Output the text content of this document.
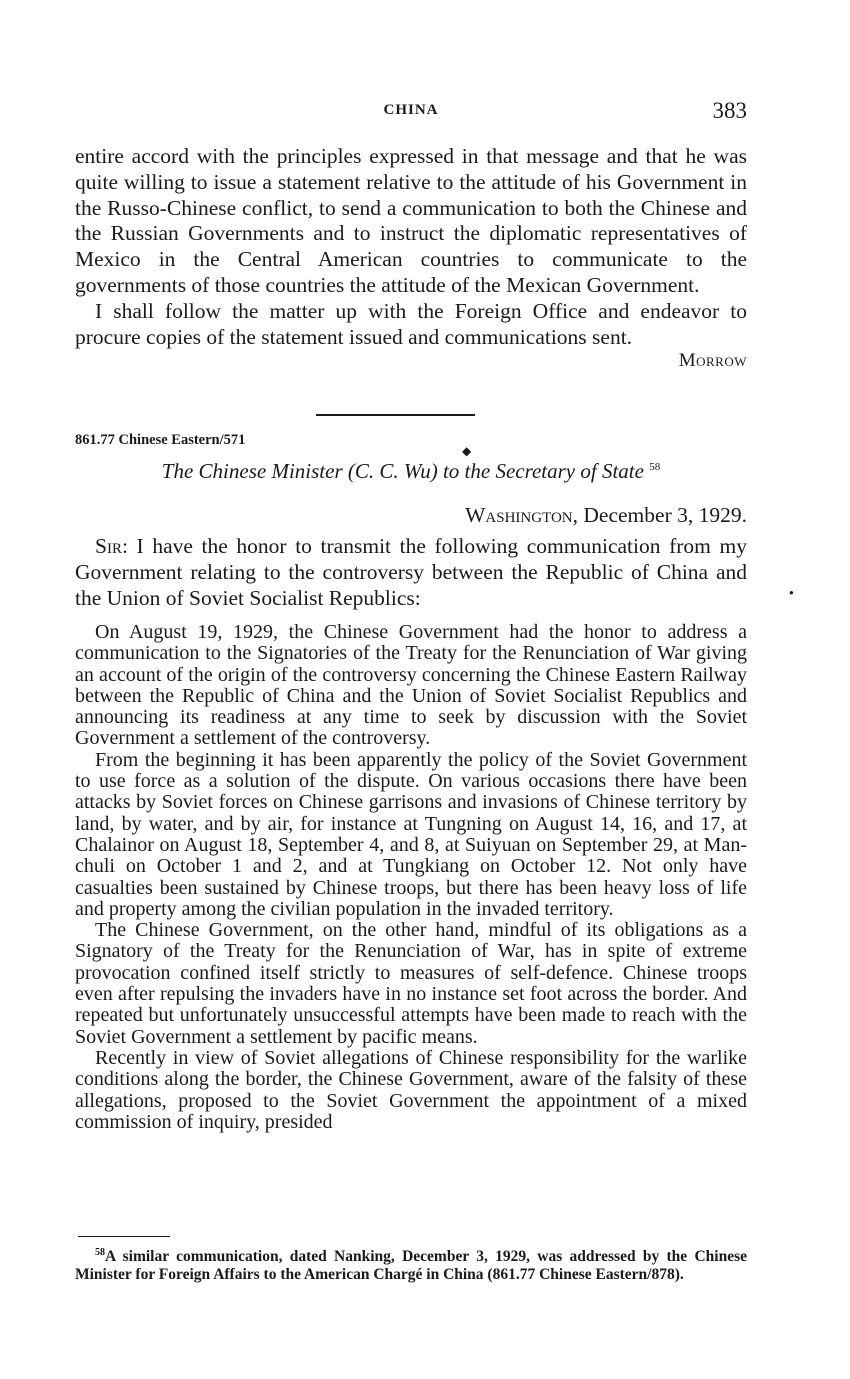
CHINA	383

entire accord with the principles expressed in that message and that he was quite willing to issue a statement relative to the attitude of his Government in the Russo-Chinese conflict, to send a communication to both the Chinese and the Russian Governments and to instruct the diplomatic representatives of Mexico in the Central American countries to communicate to the governments of those countries the attitude of the Mexican Government.

I shall follow the matter up with the Foreign Office and endeavor to procure copies of the statement issued and communications sent.

Morrow
861.77 Chinese Eastern/571
◆
The Chinese Minister (C. C. Wu) to the Secretary of State $^{58}$
Washington, December 3, 1929.

Sir: I have the honor to transmit the following communication from my Government relating to the controversy between the Republic of China and the Union of Soviet Socialist Republics:	●

On August 19, 1929, the Chinese Government had the honor to address a communication to the Signatories of the Treaty for the Renunciation of War giving an account of the origin of the controversy concerning the Chinese Eastern Railway between the Republic of China and the Union of Soviet Socialist Republics and announcing its readiness at any time to seek by discussion with the Soviet Government a settlement of the controversy.

From the beginning it has been apparently the policy of the Soviet Government to use force as a solution of the dispute. On various occasions there have been attacks by Soviet forces on Chinese garrisons and invasions of Chinese territory by land, by water, and by air, for instance at Tungning on August 14, 16, and 17, at Chalainor on August 18, September 4, and 8, at Suiyuan on September 29, at Manchuli on October 1 and 2, and at Tungkiang on October 12. Not only have casualties been sustained by Chinese troops, but there has been heavy loss of life and property among the civilian population in the invaded territory.

The Chinese Government, on the other hand, mindful of its obligations as a Signatory of the Treaty for the Renunciation of War, has in spite of extreme provocation confined itself strictly to measures of self-defence. Chinese troops even after repulsing the invaders have in no instance set foot across the border. And repeated but unfortunately unsuccessful attempts have been made to reach with the Soviet Government a settlement by pacific means.

Recently in view of Soviet allegations of Chinese responsibility for the warlike conditions along the border, the Chinese Government, aware of the falsity of these allegations, proposed to the Soviet Government the appointment of a mixed commission of inquiry, presided

$^{58}$A similar communication, dated Nanking, December 3, 1929, was addressed by the Chinese Minister for Foreign Affairs to the American Chargé in China (861.77 Chinese Eastern/878).
